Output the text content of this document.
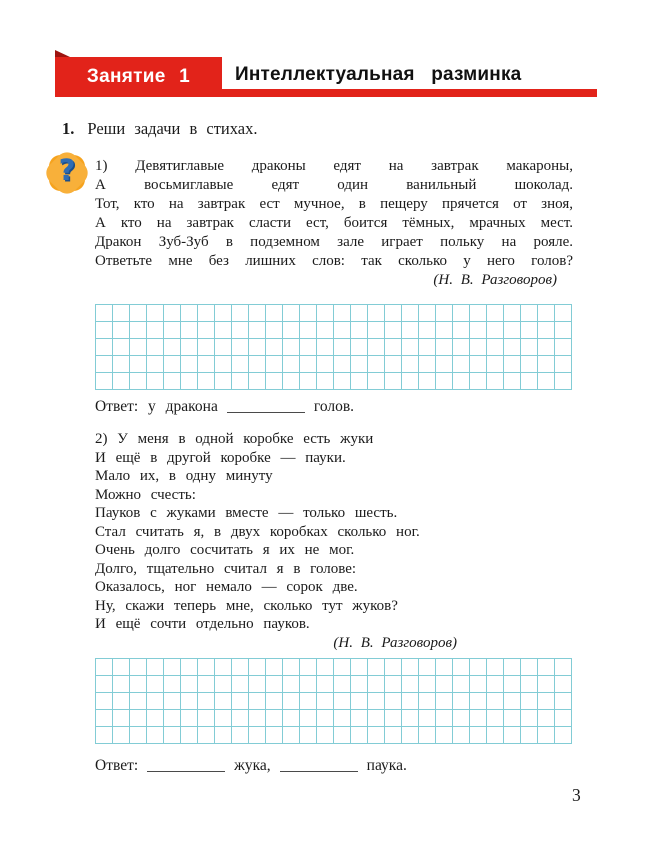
Занятие 1 Интеллектуальная разминка
1. Реши задачи в стихах.
?	1) Девятиглавые драконы едят на завтрак макароны,
А восьмиглавые едят один ванильный шоколад.
Тот, кто на завтрак ест мучное, в пещеру прячется от зноя,
А кто на завтрак сласти ест, боится тёмных, мрачных мест.
Дракон Зуб-Зуб в подземном зале играет польку на рояле.
Ответьте мне без лишних слов: так сколько у него голов?
(Н. В. Разговоров)
Ответ: у дракона	голов.
2) У меня в одной коробке есть жуки
И ещё в другой коробке — пауки.
Мало их, в одну минуту
Можно счесть:
Пауков с жуками вместе — только шесть.
Стал считать я, в двух коробках сколько ног.
Очень долго сосчитать я их не мог.
Долго, тщательно считал я в голове:
Оказалось, ног немало — сорок две.
Ну, скажи теперь мне, сколько тут жуков?
И ещё сочти отдельно пауков.
(Н. В. Разговоров)
Ответ:	жука,	паука.
3
